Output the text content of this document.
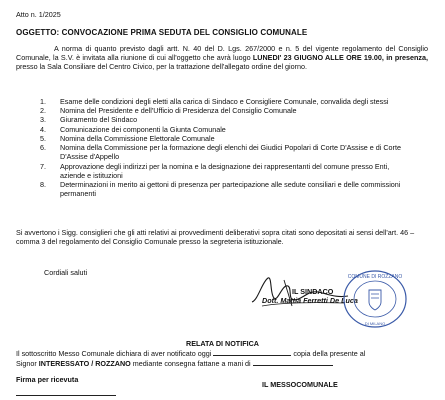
Atto n. 1/2025
OGGETTO: CONVOCAZIONE PRIMA SEDUTA DEL CONSIGLIO COMUNALE
A norma di quanto previsto dagli artt. N. 40 del D. Lgs. 267/2000 e n. 5 del vigente regolamento del Consiglio Comunale, la S.V. è invitata alla riunione di cui all'oggetto che avrà luogo LUNEDI' 23 GIUGNO ALLE ORE 19.00, in presenza, presso la Sala Consiliare del Centro Civico, per la trattazione dell'allegato ordine del giorno.
1. Esame delle condizioni degli eletti alla carica di Sindaco e Consigliere Comunale, convalida degli stessi
2. Nomina del Presidente e dell'Ufficio di Presidenza del Consiglio Comunale
3. Giuramento del Sindaco
4. Comunicazione dei componenti la Giunta Comunale
5. Nomina della Commissione Elettorale Comunale
6. Nomina della Commissione per la formazione degli elenchi dei Giudici Popolari di Corte D'Assise e di Corte D'Assise d'Appello
7. Approvazione degli indirizzi per la nomina e la designazione dei rappresentanti del comune presso Enti, aziende e istituzioni
8. Determinazioni in merito ai gettoni di presenza per partecipazione alle sedute consiliari e delle commissioni permanenti
Si avvertono i Sigg. consiglieri che gli atti relativi ai provvedimenti deliberativi sopra citati sono depositati ai sensi dell'art. 46 – comma 3 del regolamento del Consiglio Comunale presso la segreteria istituzionale.
Cordiali saluti
IL SINDACO
Dott. Mattia Ferretti De Luca
COMUNE DI ROZZANO
DI MILANO
RELATA DI NOTIFICA
Il sottoscritto Messo Comunale dichiara di aver notificato oggi	copia della presente al
Signor INTERESSATO / ROZZANO mediante consegna fattane a mani di
Firma per ricevuta
IL MESSOCOMUNALE
